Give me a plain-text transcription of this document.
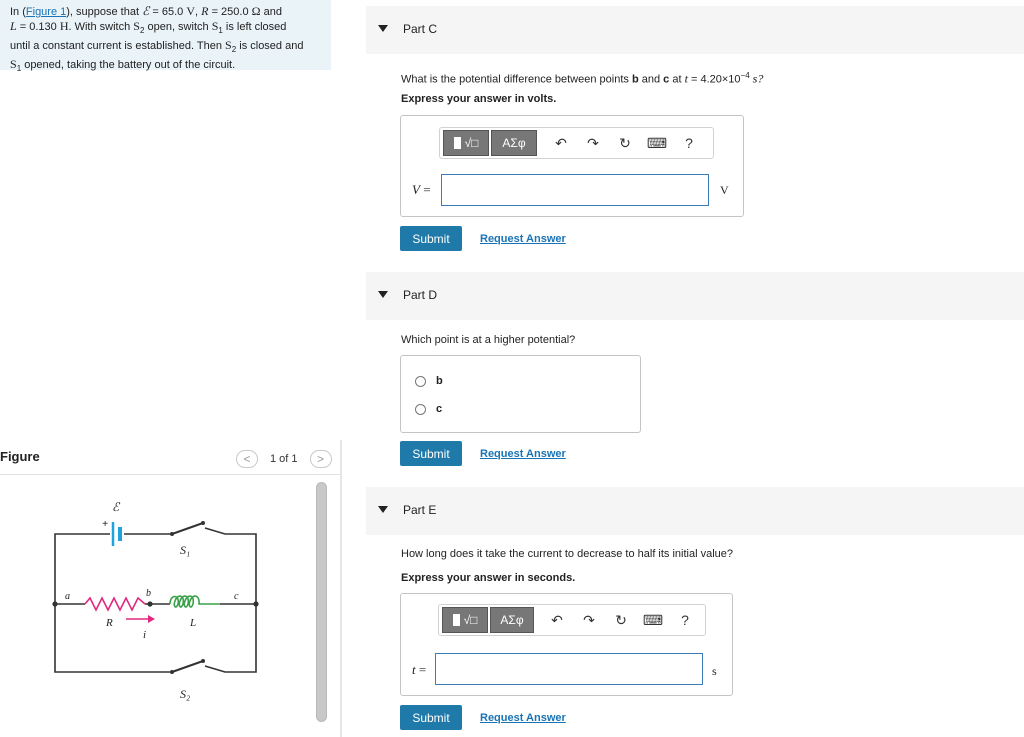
In (Figure 1), suppose that ℰ = 65.0 V, R = 250.0 Ω and
L = 0.130 H. With switch $S_2$ open, switch $S_1$ is left closed
until a constant current is established. Then $S_2$ is closed and
$S_1$ opened, taking the battery out of the circuit.
Figure	<	1 of 1	>
ℰ
+
S₁
S₂
a	b	c
R	L
i
Part C
What is the potential difference between points b and c at $t = 4.20\times 10^{-4}$ s?
Express your answer in volts.
√□	ΑΣφ	↶	↷	↻	⌨	?
V =	V
Submit	Request Answer
Part D
Which point is at a higher potential?
b
c
Submit	Request Answer
Part E
How long does it take the current to decrease to half its initial value?
Express your answer in seconds.
√□	ΑΣφ	↶	↷	↻	⌨	?
t =	s
Submit	Request Answer
